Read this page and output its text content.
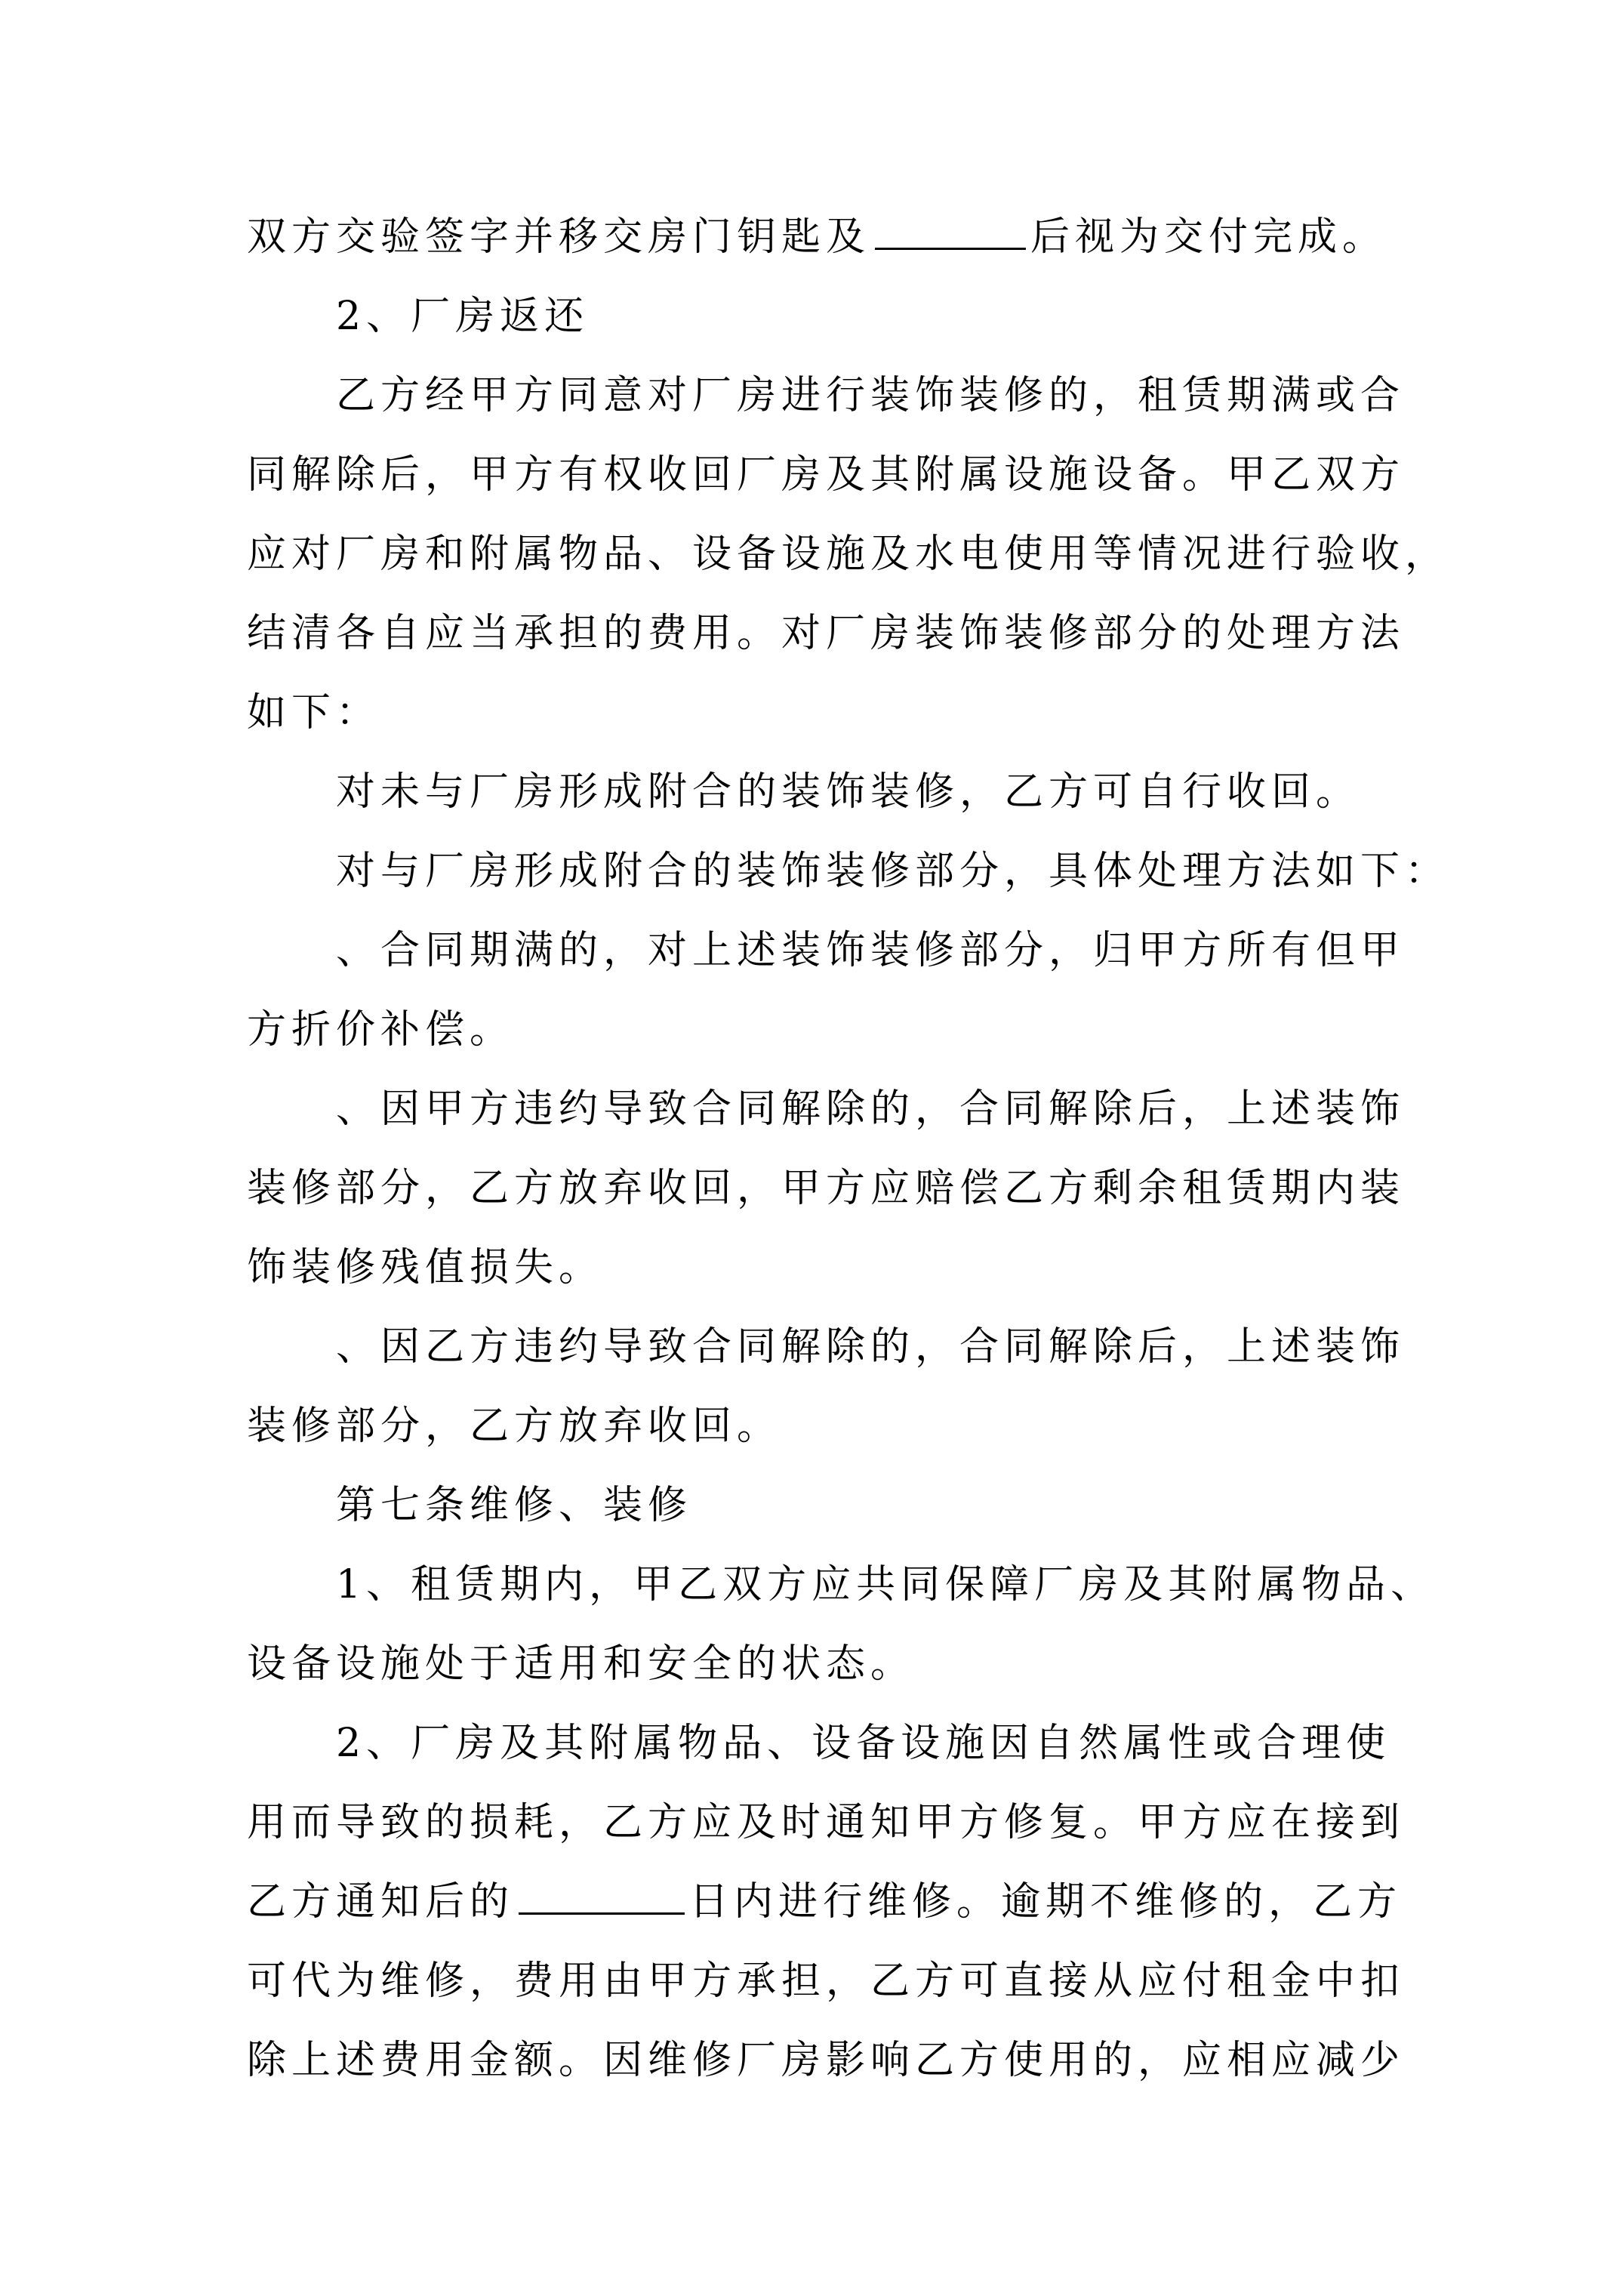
双方交验签字并移交房门钥匙及	后视为交付完成。
2、厂房返还
乙方经甲方同意对厂房进行装饰装修的，租赁期满或合
同解除后，甲方有权收回厂房及其附属设施设备。甲乙双方
应对厂房和附属物品、设备设施及水电使用等情况进行验收，
结清各自应当承担的费用。对厂房装饰装修部分的处理方法
如下：
对未与厂房形成附合的装饰装修，乙方可自行收回。
对与厂房形成附合的装饰装修部分，具体处理方法如下：
、合同期满的，对上述装饰装修部分，归甲方所有但甲
方折价补偿。
、因甲方违约导致合同解除的，合同解除后，上述装饰
装修部分，乙方放弃收回，甲方应赔偿乙方剩余租赁期内装
饰装修残值损失。
、因乙方违约导致合同解除的，合同解除后，上述装饰
装修部分，乙方放弃收回。
第七条维修、装修
1、租赁期内，甲乙双方应共同保障厂房及其附属物品、
设备设施处于适用和安全的状态。
2、厂房及其附属物品、设备设施因自然属性或合理使
用而导致的损耗，乙方应及时通知甲方修复。甲方应在接到
乙方通知后的	日内进行维修。逾期不维修的，乙方
可代为维修，费用由甲方承担，乙方可直接从应付租金中扣
除上述费用金额。因维修厂房影响乙方使用的，应相应减少
